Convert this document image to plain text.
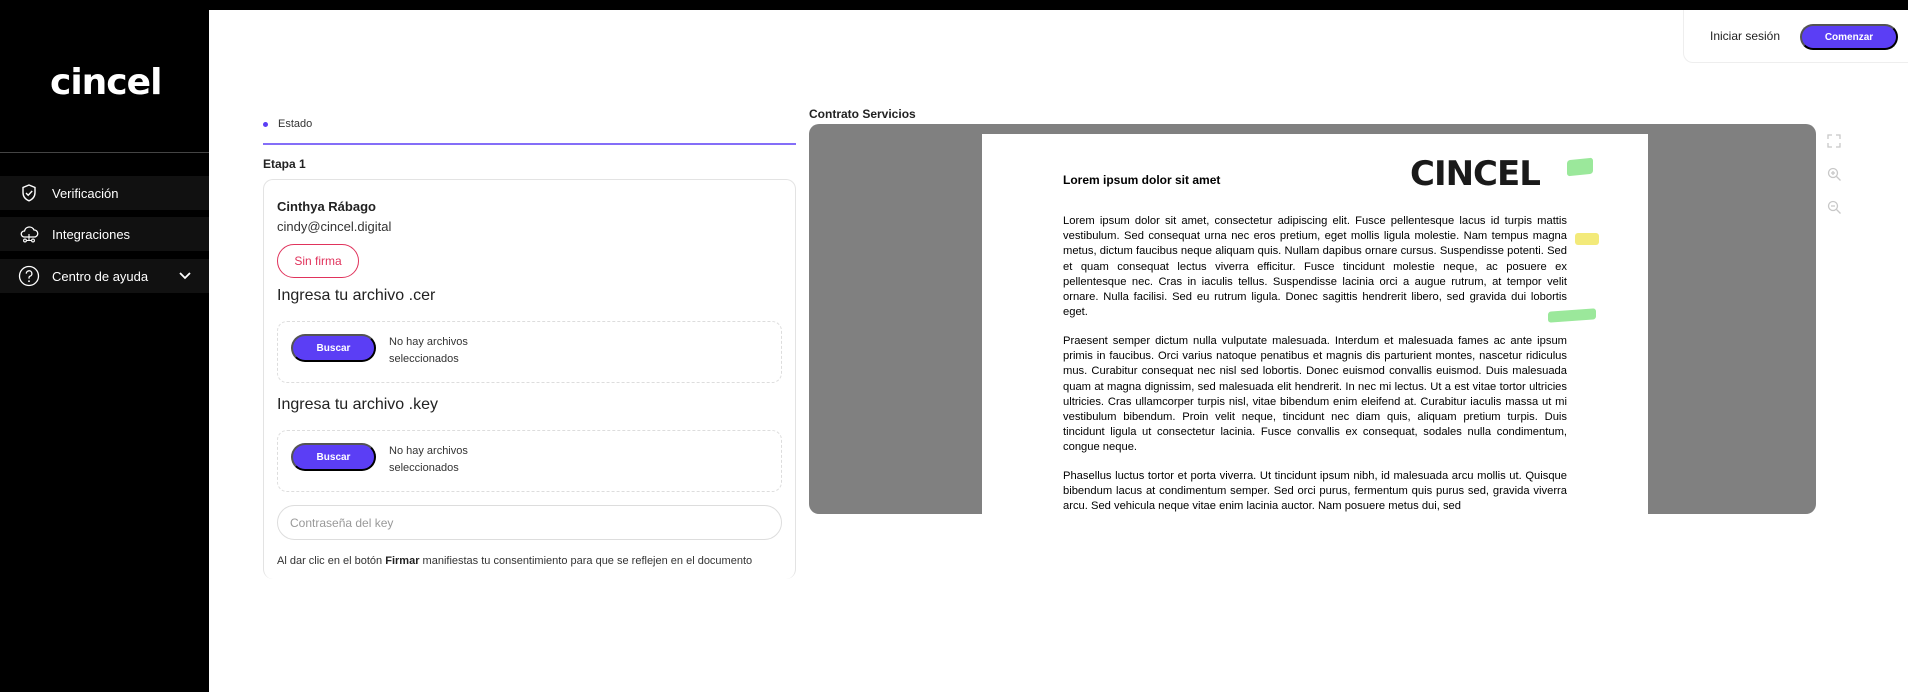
cincel
Verificación
Integraciones
Centro de ayuda
Iniciar sesión	Comenzar
Estado
Etapa 1
Cinthya Rábago
cindy@cincel.digital
Sin firma
Ingresa tu archivo .cer
Buscar	No hay archivos seleccionados
Ingresa tu archivo .key
Buscar	No hay archivos seleccionados
Al dar clic en el botón Firmar manifiestas tu consentimiento para que se reflejen en el documento
Contrato Servicios
Lorem ipsum dolor sit amet	CINCEL

Lorem ipsum dolor sit amet, consectetur adipiscing elit. Fusce pellentesque lacus id turpis mattis vestibulum. Sed consequat urna nec eros pretium, eget mollis ligula molestie. Nam tempus magna metus, dictum faucibus neque aliquam quis. Nullam dapibus ornare cursus. Suspendisse potenti. Sed et quam consequat lectus viverra efficitur. Fusce tincidunt molestie neque, ac posuere ex pellentesque nec. Cras in iaculis tellus. Suspendisse lacinia orci a augue rutrum, at tempor velit ornare. Nulla facilisi. Sed eu rutrum ligula. Donec sagittis hendrerit libero, sed gravida dui lobortis eget.

Praesent semper dictum nulla vulputate malesuada. Interdum et malesuada fames ac ante ipsum primis in faucibus. Orci varius natoque penatibus et magnis dis parturient montes, nascetur ridiculus mus. Curabitur consequat nec nisl sed lobortis. Donec euismod convallis euismod. Duis malesuada quam at magna dignissim, sed malesuada elit hendrerit. In nec mi lectus. Ut a est vitae tortor ultricies ultricies. Cras ullamcorper turpis nisl, vitae bibendum enim eleifend at. Curabitur iaculis massa ut mi vestibulum bibendum. Proin velit neque, tincidunt nec diam quis, aliquam pretium turpis. Duis tincidunt ligula ut consectetur lacinia. Fusce convallis ex consequat, sodales nulla condimentum, congue neque.

Phasellus luctus tortor et porta viverra. Ut tincidunt ipsum nibh, id malesuada arcu mollis ut. Quisque bibendum lacus at condimentum semper. Sed orci purus, fermentum quis purus sed, gravida viverra arcu. Sed vehicula neque vitae enim lacinia auctor. Nam posuere metus dui, sed
